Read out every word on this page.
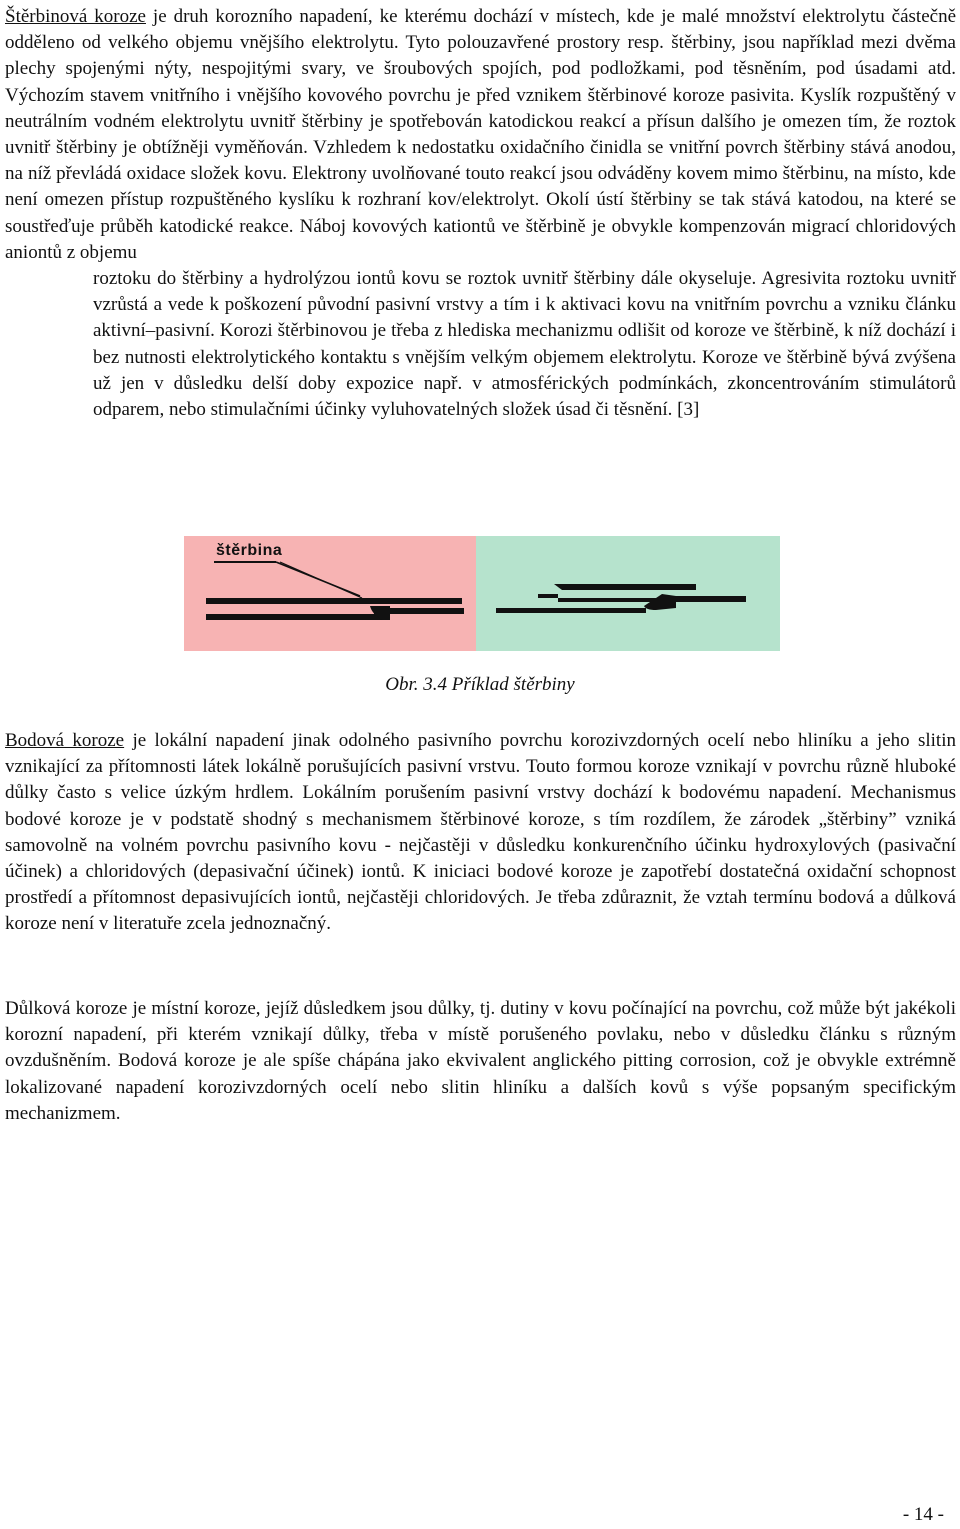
Štěrbinová koroze je druh korozního napadení, ke kterému dochází v místech, kde je malé množství elektrolytu částečně odděleno od velkého objemu vnějšího elektrolytu. Tyto polouzavřené prostory resp. štěrbiny, jsou například mezi dvěma plechy spojenými nýty, nespojitými svary, ve šroubových spojích, pod podložkami, pod těsněním, pod úsadami atd. Výchozím stavem vnitřního i vnějšího kovového povrchu je před vznikem štěrbinové koroze pasivita. Kyslík rozpuštěný v neutrálním vodném elektrolytu uvnitř štěrbiny je spotřebován katodickou reakcí a přísun dalšího je omezen tím, že roztok uvnitř štěrbiny je obtížněji vyměňován. Vzhledem k nedostatku oxidačního činidla se vnitřní povrch štěrbiny stává anodou, na níž převládá oxidace složek kovu. Elektrony uvolňované touto reakcí jsou odváděny kovem mimo štěrbinu, na místo, kde není omezen přístup rozpuštěného kyslíku k rozhraní kov/elektrolyt. Okolí ústí štěrbiny se tak stává katodou, na které se soustřeďuje průběh katodické reakce. Náboj kovových kationtů ve štěrbině je obvykle kompenzován migrací chloridových aniontů z objemu
roztoku do štěrbiny a hydrolýzou iontů kovu se roztok uvnitř štěrbiny dále okyseluje. Agresivita roztoku uvnitř vzrůstá a vede k poškození původní pasivní vrstvy a tím i k aktivaci kovu na vnitřním povrchu a vzniku článku aktivní–pasivní. Korozi štěrbinovou je třeba z hlediska mechanizmu odlišit od koroze ve štěrbině, k níž dochází i bez nutnosti elektrolytického kontaktu s vnějším velkým objemem elektrolytu. Koroze ve štěrbině bývá zvýšena už jen v důsledku delší doby expozice např. v atmosférických podmínkách, zkoncentrováním stimulátorů odparem, nebo stimulačními účinky vyluhovatelných složek úsad či těsnění. [3]

štěrbina
Obr. 3.4 Příklad štěrbiny

Bodová koroze je lokální napadení jinak odolného pasivního povrchu korozivzdorných ocelí nebo hliníku a jeho slitin vznikající za přítomnosti látek lokálně porušujících pasivní vrstvu. Touto formou koroze vznikají v povrchu různě hluboké důlky často s velice úzkým hrdlem. Lokálním porušením pasivní vrstvy dochází k bodovému napadení. Mechanismus bodové koroze je v podstatě shodný s mechanismem štěrbinové koroze, s tím rozdílem, že zárodek „štěrbiny” vzniká samovolně na volném povrchu pasivního kovu - nejčastěji v důsledku konkurenčního účinku hydroxylových (pasivační účinek) a chloridových (depasivační účinek) iontů. K iniciaci bodové koroze je zapotřebí dostatečná oxidační schopnost prostředí a přítomnost depasivujících iontů, nejčastěji chloridových. Je třeba zdůraznit, že vztah termínu bodová a důlková koroze není v literatuře zcela jednoznačný.

Důlková koroze je místní koroze, jejíž důsledkem jsou důlky, tj. dutiny v kovu počínající na povrchu, což může být jakékoli korozní napadení, při kterém vznikají důlky, třeba v místě porušeného povlaku, nebo v důsledku článku s různým ovzdušněním. Bodová koroze je ale spíše chápána jako ekvivalent anglického pitting corrosion, což je obvykle extrémně lokalizované napadení korozivzdorných ocelí nebo slitin hliníku a dalších kovů s výše popsaným specifickým mechanizmem.

- 14 -
